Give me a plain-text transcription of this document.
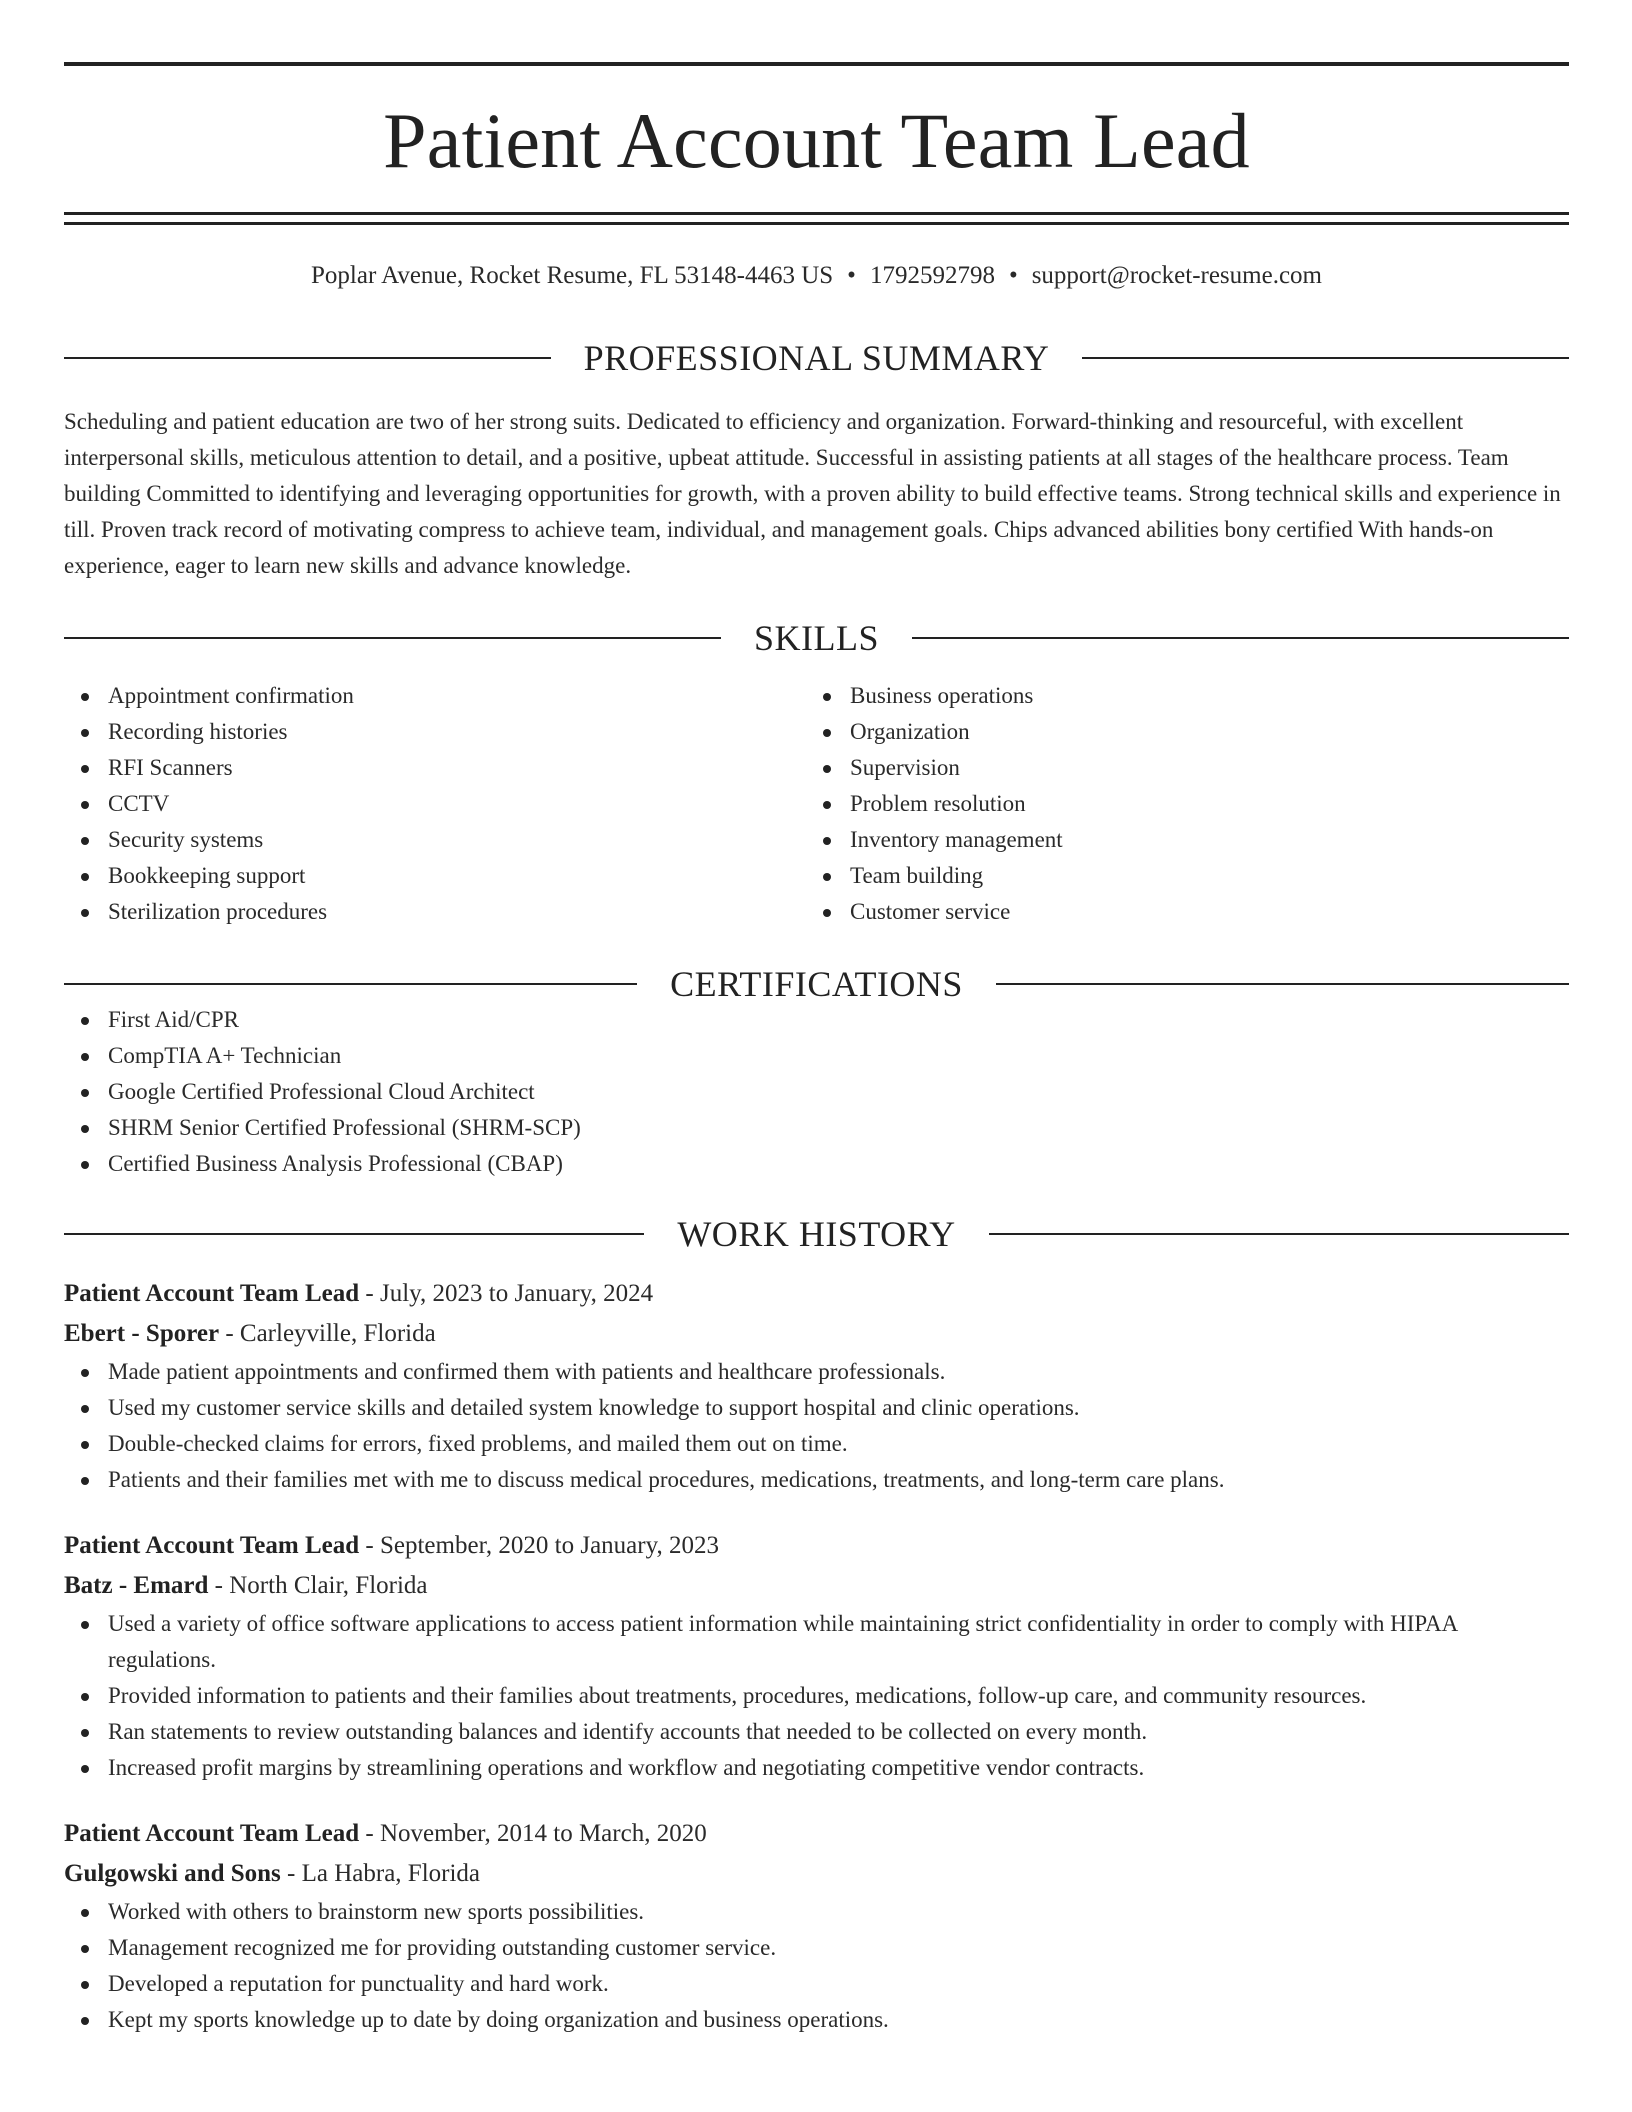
Patient Account Team Lead
Poplar Avenue, Rocket Resume, FL 53148-4463 US • 1792592798 • support@rocket-resume.com
PROFESSIONAL SUMMARY
Scheduling and patient education are two of her strong suits. Dedicated to efficiency and organization. Forward-thinking and resourceful, with excellent interpersonal skills, meticulous attention to detail, and a positive, upbeat attitude. Successful in assisting patients at all stages of the healthcare process. Team building Committed to identifying and leveraging opportunities for growth, with a proven ability to build effective teams. Strong technical skills and experience in till. Proven track record of motivating compress to achieve team, individual, and management goals. Chips advanced abilities bony certified With hands-on experience, eager to learn new skills and advance knowledge.
SKILLS
Appointment confirmation
Recording histories
RFI Scanners
CCTV
Security systems
Bookkeeping support
Sterilization procedures
Business operations
Organization
Supervision
Problem resolution
Inventory management
Team building
Customer service
CERTIFICATIONS
First Aid/CPR
CompTIA A+ Technician
Google Certified Professional Cloud Architect
SHRM Senior Certified Professional (SHRM-SCP)
Certified Business Analysis Professional (CBAP)
WORK HISTORY
Patient Account Team Lead - July, 2023 to January, 2024
Ebert - Sporer - Carleyville, Florida
Made patient appointments and confirmed them with patients and healthcare professionals.
Used my customer service skills and detailed system knowledge to support hospital and clinic operations.
Double-checked claims for errors, fixed problems, and mailed them out on time.
Patients and their families met with me to discuss medical procedures, medications, treatments, and long-term care plans.
Patient Account Team Lead - September, 2020 to January, 2023
Batz - Emard - North Clair, Florida
Used a variety of office software applications to access patient information while maintaining strict confidentiality in order to comply with HIPAA regulations.
Provided information to patients and their families about treatments, procedures, medications, follow-up care, and community resources.
Ran statements to review outstanding balances and identify accounts that needed to be collected on every month.
Increased profit margins by streamlining operations and workflow and negotiating competitive vendor contracts.
Patient Account Team Lead - November, 2014 to March, 2020
Gulgowski and Sons - La Habra, Florida
Worked with others to brainstorm new sports possibilities.
Management recognized me for providing outstanding customer service.
Developed a reputation for punctuality and hard work.
Kept my sports knowledge up to date by doing organization and business operations.
